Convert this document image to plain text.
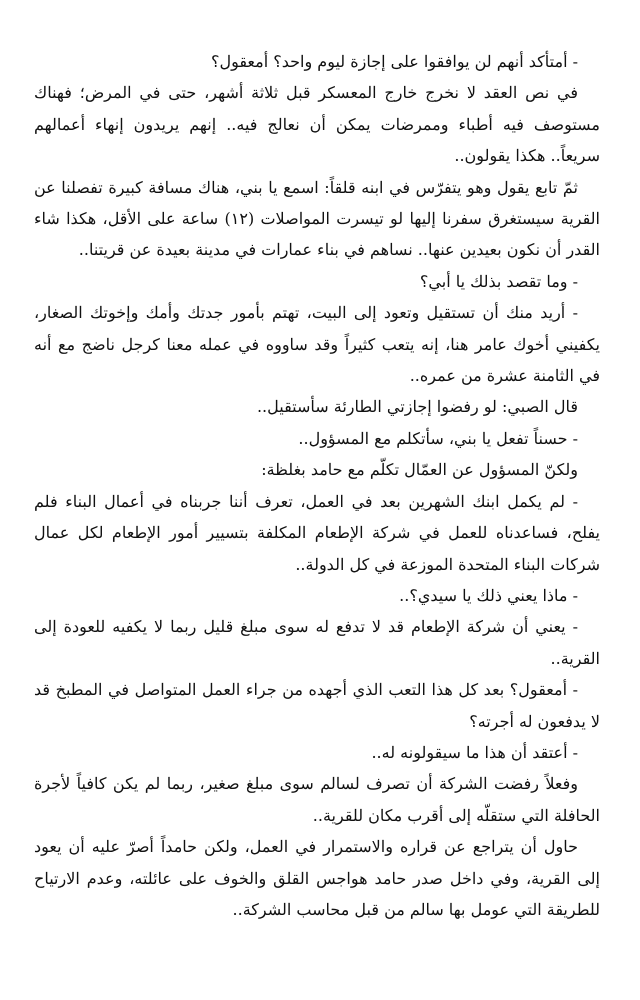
- أمتأكد أنهم لن يوافقوا على إجازة ليوم واحد؟ أمعقول؟

في نص العقد لا نخرج خارج المعسكر قبل ثلاثة أشهر، حتى في المرض؛ فهناك مستوصف فيه أطباء وممرضات يمكن أن نعالج فيه.. إنهم يريدون إنهاء أعمالهم سريعاً.. هكذا يقولون..

ثمّ تابع يقول وهو يتفرّس في ابنه قلقاً: اسمع يا بني، هناك مسافة كبيرة تفصلنا عن القرية سيستغرق سفرنا إليها لو تيسرت المواصلات (١٢) ساعة على الأقل، هكذا شاء القدر أن نكون بعيدين عنها.. نساهم في بناء عمارات في مدينة بعيدة عن قريتنا..

- وما تقصد بذلك يا أبي؟

- أريد منك أن تستقيل وتعود إلى البيت، تهتم بأمور جدتك وأمك وإخوتك الصغار، يكفيني أخوك عامر هنا، إنه يتعب كثيراً وقد ساووه في عمله معنا كرجل ناضج مع أنه في الثامنة عشرة من عمره..

قال الصبي: لو رفضوا إجازتي الطارئة سأستقيل..

- حسناً تفعل يا بني، سأتكلم مع المسؤول..

ولكنّ المسؤول عن العمّال تكلّم مع حامد بغلظة:

- لم يكمل ابنك الشهرين بعد في العمل، تعرف أننا جربناه في أعمال البناء فلم يفلح، فساعدناه للعمل في شركة الإطعام المكلفة بتسيير أمور الإطعام لكل عمال شركات البناء المتحدة الموزعة في كل الدولة..

- ماذا يعني ذلك يا سيدي؟..

- يعني أن شركة الإطعام قد لا تدفع له سوى مبلغ قليل ربما لا يكفيه للعودة إلى القرية..

- أمعقول؟ بعد كل هذا التعب الذي أجهده من جراء العمل المتواصل في المطبخ قد لا يدفعون له أجرته؟

- أعتقد أن هذا ما سيقولونه له..

وفعلاً رفضت الشركة أن تصرف لسالم سوى مبلغ صغير، ربما لم يكن كافياً لأجرة الحافلة التي ستقلّه إلى أقرب مكان للقرية..

حاول أن يتراجع عن قراره والاستمرار في العمل، ولكن حامداً أصرّ عليه أن يعود إلى القرية، وفي داخل صدر حامد هواجس القلق والخوف على عائلته، وعدم الارتياح للطريقة التي عومل بها سالم من قبل محاسب الشركة..
